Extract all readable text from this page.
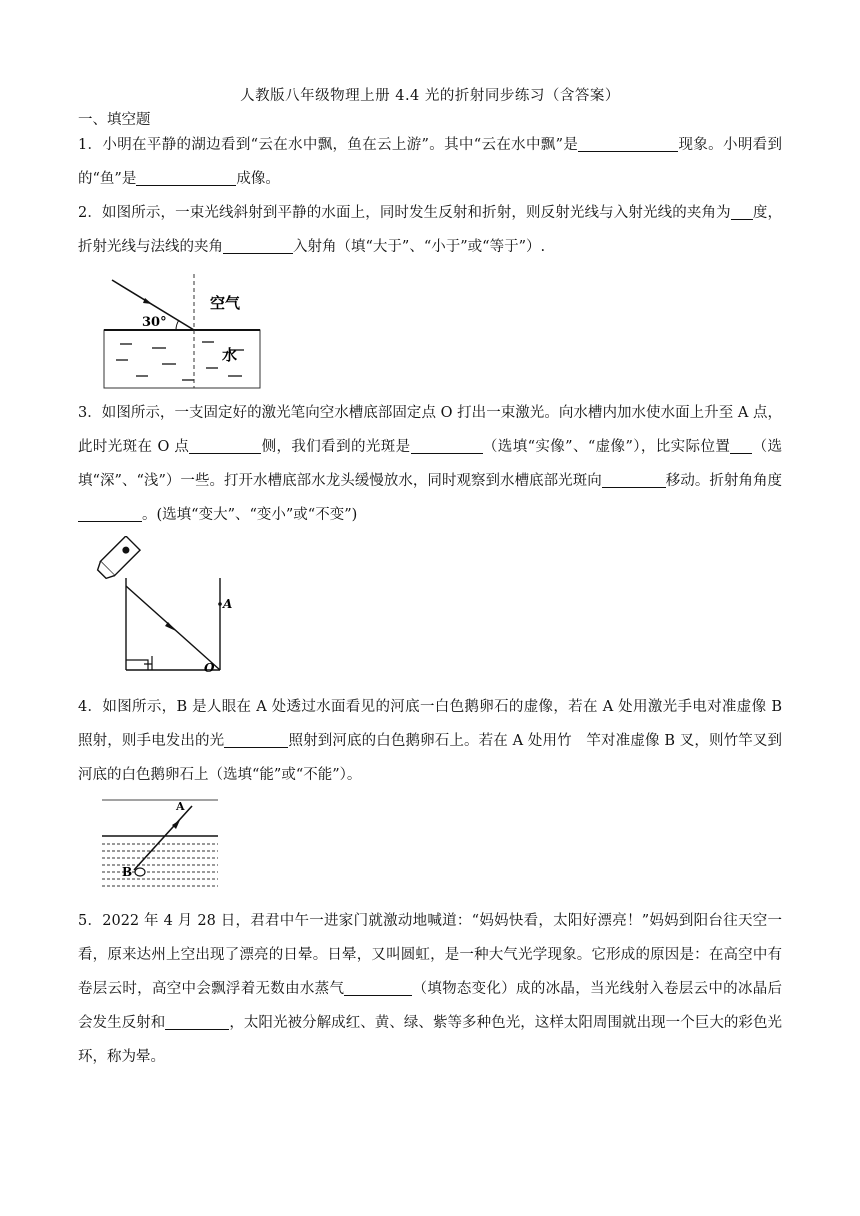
人教版八年级物理上册 4.4 光的折射同步练习（含答案）
一、填空题
1．小明在平静的湖边看到“云在水中飘，鱼在云上游”。其中“云在水中飘”是	现象。小明看到的“鱼”是	成像。
2．如图所示，一束光线斜射到平静的水面上，同时发生反射和折射，则反射光线与入射光线的夹角为 度，折射光线与法线的夹角	入射角（填“大于”、“小于”或“等于”）.
空气
水
30°
3．如图所示，一支固定好的激光笔向空水槽底部固定点 O 打出一束激光。向水槽内加水使水面上升至 A 点，此时光斑在 O 点	侧，我们看到的光斑是	（选填“实像”、“虚像”），比实际位置 （选填“深”、“浅”）一些。打开水槽底部水龙头缓慢放水，同时观察到水槽底部光斑向	移动。折射角角度。(选填“变大”、“变小”或“不变”)
A
O
4．如图所示，B 是人眼在 A 处透过水面看见的河底一白色鹅卵石的虚像，若在 A 处用激光手电对准虚像 B 照射，则手电发出的光	照射到河底的白色鹅卵石上。若在 A 处用竹　竿对准虚像 B 叉，则竹竿叉到河底的白色鹅卵石上（选填“能”或“不能”）。
A
B
5．2022 年 4 月 28 日，君君中午一进家门就激动地喊道：“妈妈快看，太阳好漂亮！”妈妈到阳台往天空一看，原来达州上空出现了漂亮的日晕。日晕，又叫圆虹，是一种大气光学现象。它形成的原因是：在高空中有卷层云时，高空中会飘浮着无数由水蒸气	（填物态变化）成的冰晶，当光线射入卷层云中的冰晶后会发生反射和	，太阳光被分解成红、黄、绿、紫等多种色光，这样太阳周围就出现一个巨大的彩色光环，称为晕。
